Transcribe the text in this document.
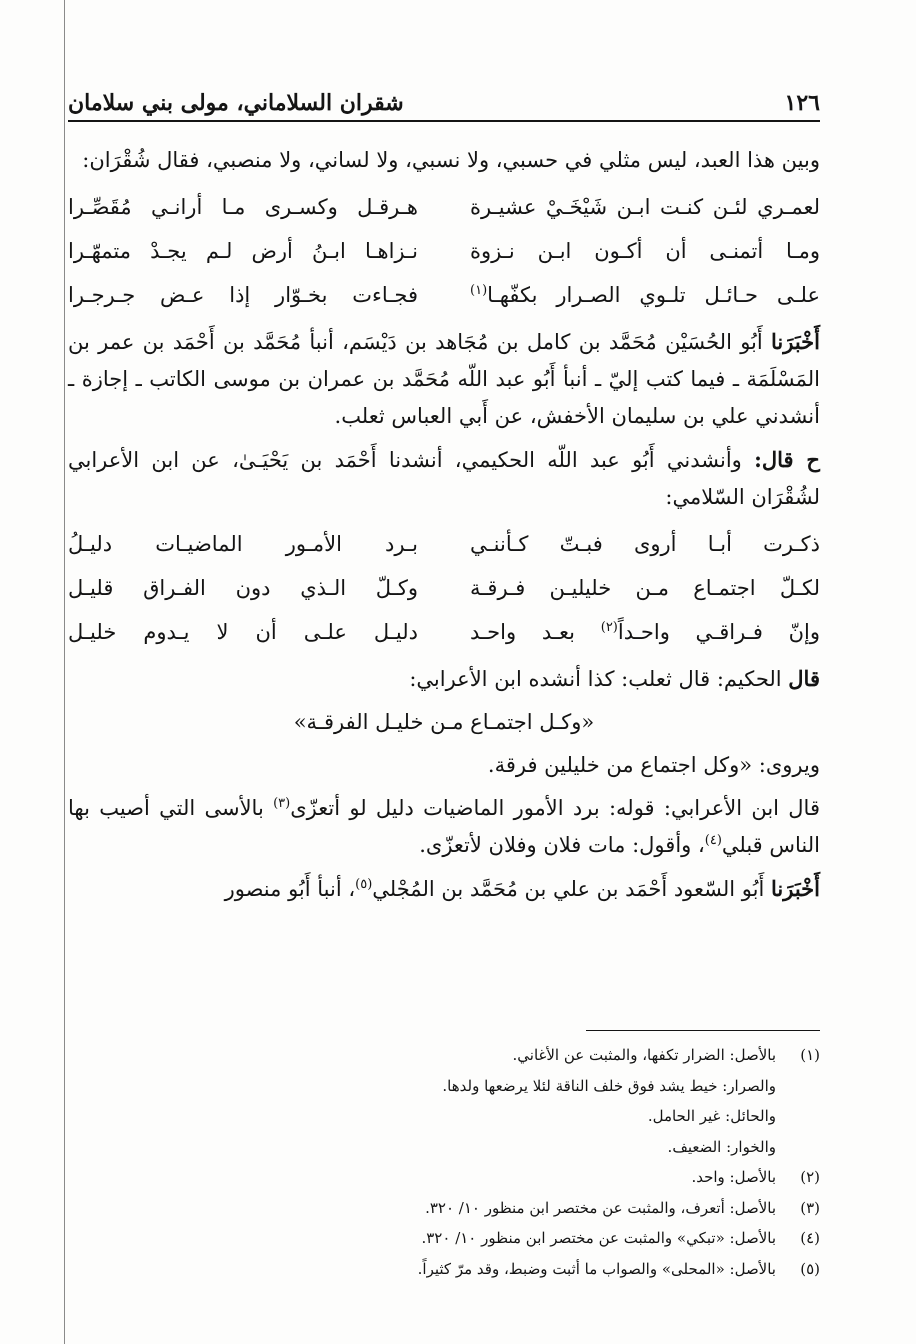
١٢٦
شقران السلاماني، مولى بني سلامان

وبين هذا العبد، ليس مثلي في حسبي، ولا نسبي، ولا لساني، ولا منصبي، فقال شُقْرَان:

لعمـري لئـن كنـت ابـن شَيْخَـيْ عشيـرة
هـرقـل وكسـرى مـا أرانـي مُقَصِّـرا
ومـا أتمنـى أن أكـون ابـن نـزوة
نـزاهـا ابـنُ أرض لـم يجـدْ متمهّـرا
علـى حـائـل تلـوي الصـرار بكفّهـا$^{(١)}$
فجـاءت بخـوّار إذا عـض جـرجـرا

أَخْبَرَنا أَبُو الحُسَيْن مُحَمَّد بن كامل بن مُجَاهد بن دَيْسَم، أنبأ مُحَمَّد بن أَحْمَد بن عمر بن المَسْلَمَة ـ فيما كتب إليّ ـ أنبأ أَبُو عبد اللّه مُحَمَّد بن عمران بن موسى الكاتب ـ إجازة ـ أنشدني علي بن سليمان الأخفش، عن أَبي العباس ثعلب.

ح قال: وأنشدني أَبُو عبد اللّه الحكيمي، أنشدنا أَحْمَد بن يَحْيَـىٰ، عن ابن الأعرابي لشُقْرَان السّلامي:

ذكـرت أبـا أروى فبـتّ كـأننـي
بـرد الأمـور الماضيـات دليـلُ
لكـلّ اجتمـاع مـن خليليـن فـرقـة
وكـلّ الـذي دون الفـراق قليـل
وإنّ فـراقـي واحـداً$^{(٢)}$ بعـد واحـد
دليـل علـى أن لا يـدوم خليـل

قال الحكيم: قال ثعلب: كذا أنشده ابن الأعرابي:

«وكـل اجتمـاع مـن خليـل الفرقـة»

ويروى: «وكل اجتماع من خليلين فرقة.

قال ابن الأعرابي: قوله: برد الأمور الماضيات دليل لو أتعزّى$^{(٣)}$ بالأسى التي أصيب بها الناس قبلي$^{(٤)}$، وأقول: مات فلان وفلان لأتعزّى.

أَخْبَرَنا أَبُو السّعود أَحْمَد بن علي بن مُحَمَّد بن المُجْلي$^{(٥)}$، أنبأ أَبُو منصور

(١)
بالأصل: الضرار تكفها، والمثبت عن الأغاني.
والصرار: خيط يشد فوق خلف الناقة لئلا يرضعها ولدها.
والحائل: غير الحامل.
والخوار: الضعيف.
(٢)
بالأصل: واحد.
(٣)
بالأصل: أتعرف، والمثبت عن مختصر ابن منظور ١٠/ ٣٢٠.
(٤)
بالأصل: «تبكي» والمثبت عن مختصر ابن منظور ١٠/ ٣٢٠.
(٥)
بالأصل: «المحلى» والصواب ما أثبت وضبط، وقد مرّ كثيراً.
